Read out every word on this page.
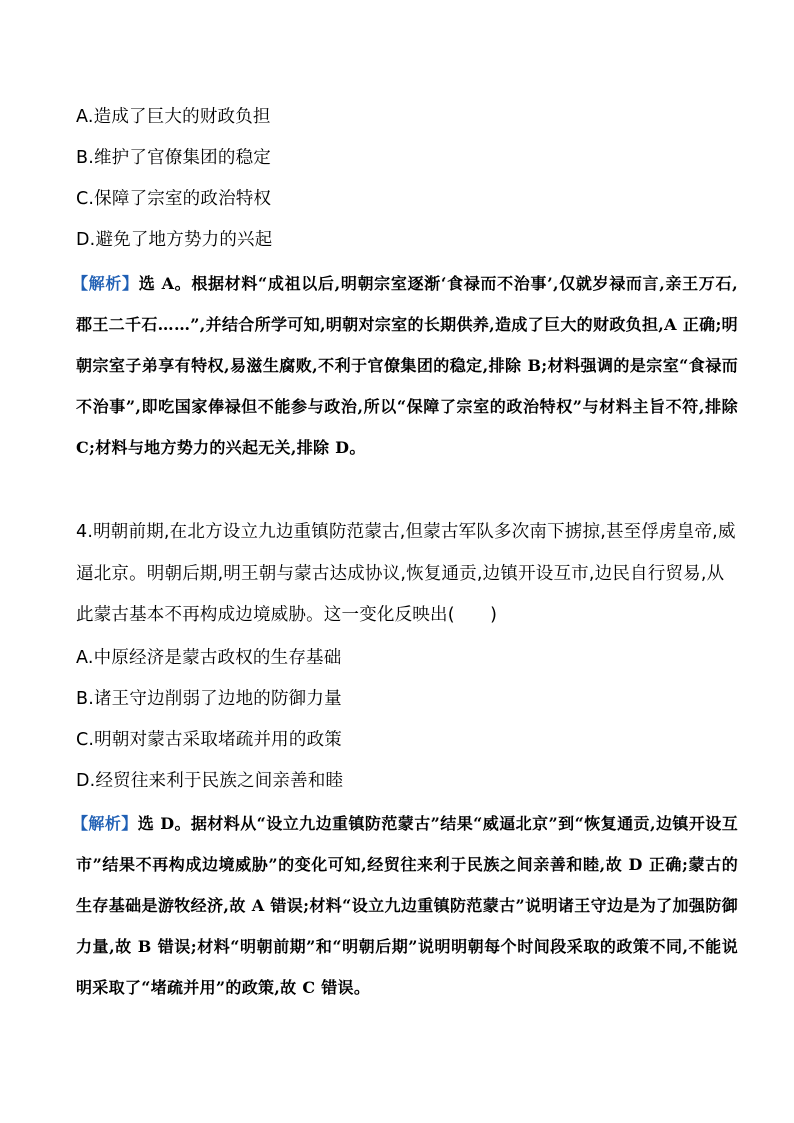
A.造成了巨大的财政负担
B.维护了官僚集团的稳定
C.保障了宗室的政治特权
D.避免了地方势力的兴起
【解析】选 A。根据材料“成祖以后,明朝宗室逐渐‘食禄而不治事’,仅就岁禄而言,亲王万石,郡王二千石……”,并结合所学可知,明朝对宗室的长期供养,造成了巨大的财政负担,A 正确;明朝宗室子弟享有特权,易滋生腐败,不利于官僚集团的稳定,排除 B;材料强调的是宗室“食禄而不治事”,即吃国家俸禄但不能参与政治,所以“保障了宗室的政治特权”与材料主旨不符,排除 C;材料与地方势力的兴起无关,排除 D。
4.明朝前期,在北方设立九边重镇防范蒙古,但蒙古军队多次南下掳掠,甚至俘虏皇帝,威逼北京。明朝后期,明王朝与蒙古达成协议,恢复通贡,边镇开设互市,边民自行贸易,从此蒙古基本不再构成边境威胁。这一变化反映出(　　)
A.中原经济是蒙古政权的生存基础
B.诸王守边削弱了边地的防御力量
C.明朝对蒙古采取堵疏并用的政策
D.经贸往来利于民族之间亲善和睦
【解析】选 D。据材料从“设立九边重镇防范蒙古”结果“威逼北京”到“恢复通贡,边镇开设互市”结果不再构成边境威胁”的变化可知,经贸往来利于民族之间亲善和睦,故 D 正确;蒙古的生存基础是游牧经济,故 A 错误;材料“设立九边重镇防范蒙古”说明诸王守边是为了加强防御力量,故 B 错误;材料“明朝前期”和“明朝后期”说明明朝每个时间段采取的政策不同,不能说明采取了“堵疏并用”的政策,故 C 错误。
